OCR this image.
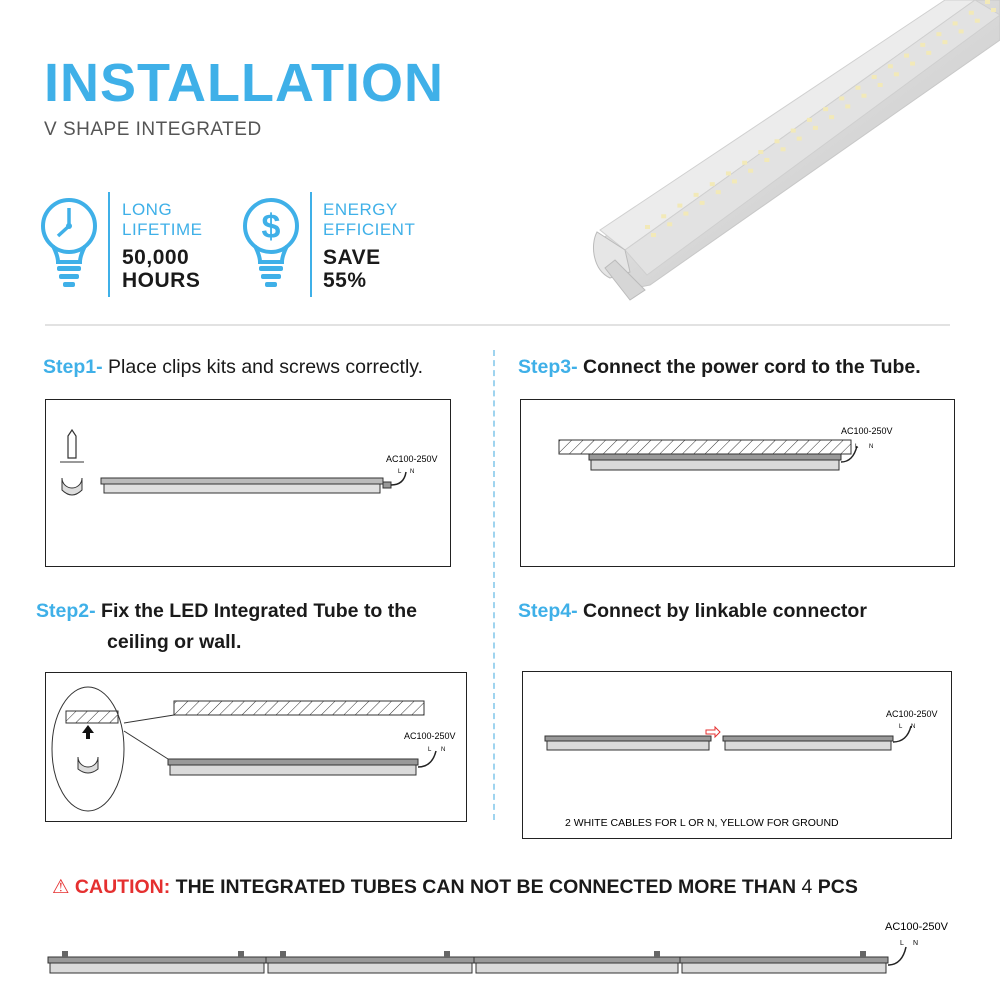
INSTALLATION
V SHAPE INTEGRATED
LONG
LIFETIME
50,000
HOURS
$	ENERGY
EFFICIENT
SAVE
55%
Step1- Place clips kits and screws correctly.
AC100-250V
L N
Step3- Connect the power cord to the Tube.
AC100-250V
L N
Step2- Fix the LED Integrated Tube to the
ceiling or wall.
AC100-250V
L N
Step4- Connect by linkable connector
AC100-250V
L N
2 WHITE CABLES FOR L OR N, YELLOW FOR GROUND
⚠ CAUTION: THE INTEGRATED TUBES CAN NOT BE CONNECTED MORE THAN 4 PCS
AC100-250V
L N
